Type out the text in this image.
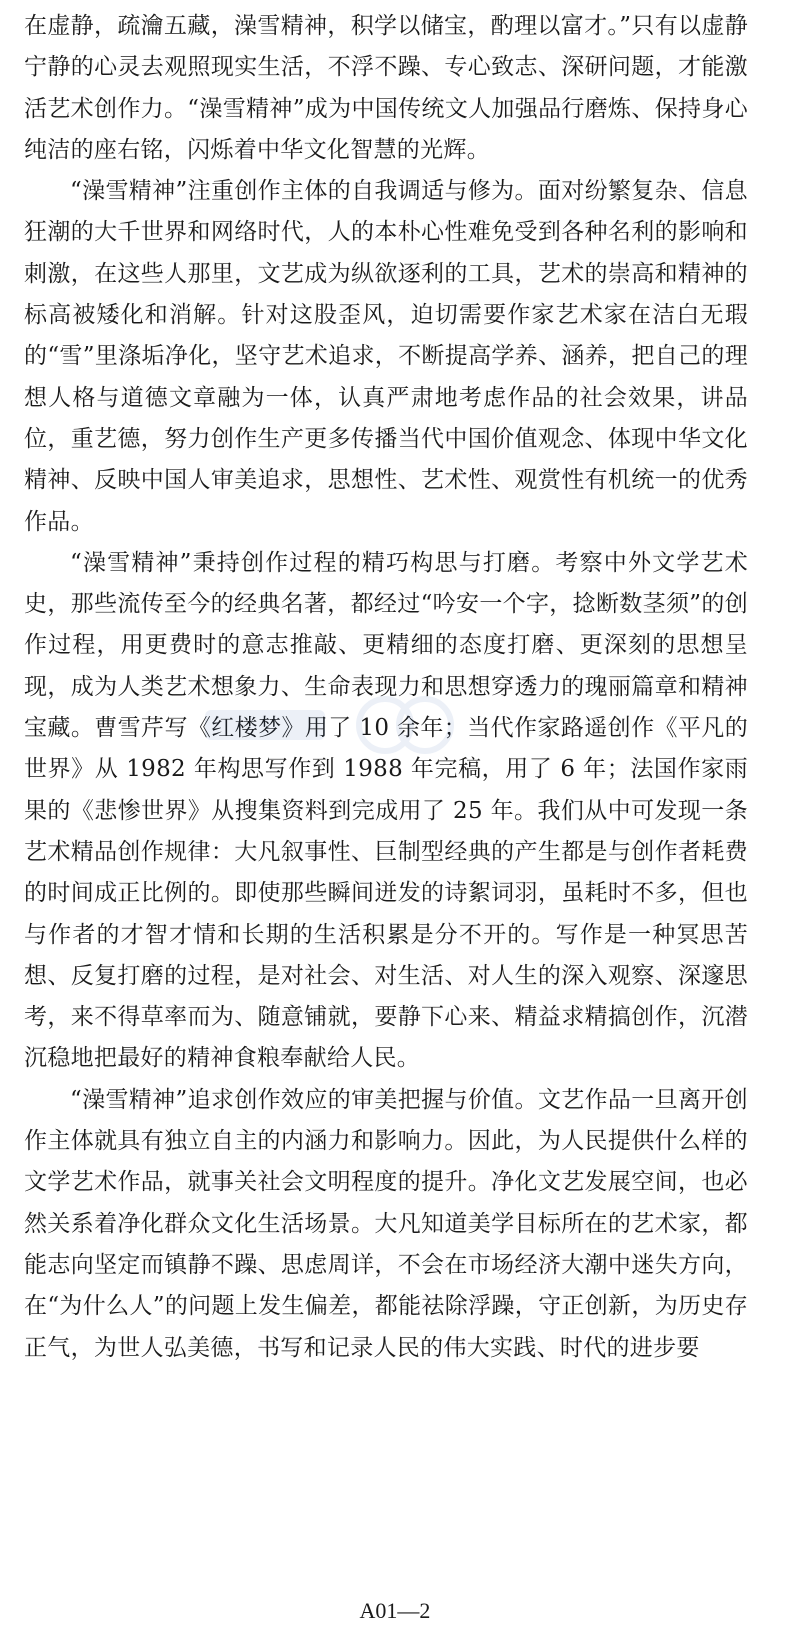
在虚静，疏瀹五藏，澡雪精神，积学以储宝，酌理以富才。”只有以虚静宁静的心灵去观照现实生活，不浮不躁、专心致志、深研问题，才能激活艺术创作力。“澡雪精神”成为中国传统文人加强品行磨炼、保持身心纯洁的座右铭，闪烁着中华文化智慧的光辉。

“澡雪精神”注重创作主体的自我调适与修为。面对纷繁复杂、信息狂潮的大千世界和网络时代，人的本朴心性难免受到各种名利的影响和刺激，在这些人那里，文艺成为纵欲逐利的工具，艺术的崇高和精神的标高被矮化和消解。针对这股歪风，迫切需要作家艺术家在洁白无瑕的“雪”里涤垢净化，坚守艺术追求，不断提高学养、涵养，把自己的理想人格与道德文章融为一体，认真严肃地考虑作品的社会效果，讲品位，重艺德，努力创作生产更多传播当代中国价值观念、体现中华文化精神、反映中国人审美追求，思想性、艺术性、观赏性有机统一的优秀作品。

“澡雪精神”秉持创作过程的精巧构思与打磨。考察中外文学艺术史，那些流传至今的经典名著，都经过“吟安一个字，捻断数茎须”的创作过程，用更费时的意志推敲、更精细的态度打磨、更深刻的思想呈现，成为人类艺术想象力、生命表现力和思想穿透力的瑰丽篇章和精神宝藏。曹雪芹写《红楼梦》用了 10 余年；当代作家路遥创作《平凡的世界》从 1982 年构思写作到 1988 年完稿，用了 6 年；法国作家雨果的《悲惨世界》从搜集资料到完成用了 25 年。我们从中可发现一条艺术精品创作规律：大凡叙事性、巨制型经典的产生都是与创作者耗费的时间成正比例的。即使那些瞬间迸发的诗絮词羽，虽耗时不多，但也与作者的才智才情和长期的生活积累是分不开的。写作是一种冥思苦想、反复打磨的过程，是对社会、对生活、对人生的深入观察、深邃思考，来不得草率而为、随意铺就，要静下心来、精益求精搞创作，沉潜沉稳地把最好的精神食粮奉献给人民。

“澡雪精神”追求创作效应的审美把握与价值。文艺作品一旦离开创作主体就具有独立自主的内涵力和影响力。因此，为人民提供什么样的文学艺术作品，就事关社会文明程度的提升。净化文艺发展空间，也必然关系着净化群众文化生活场景。大凡知道美学目标所在的艺术家，都能志向坚定而镇静不躁、思虑周详，不会在市场经济大潮中迷失方向，在“为什么人”的问题上发生偏差，都能祛除浮躁，守正创新，为历史存正气，为世人弘美德，书写和记录人民的伟大实践、时代的进步要

A01—2
